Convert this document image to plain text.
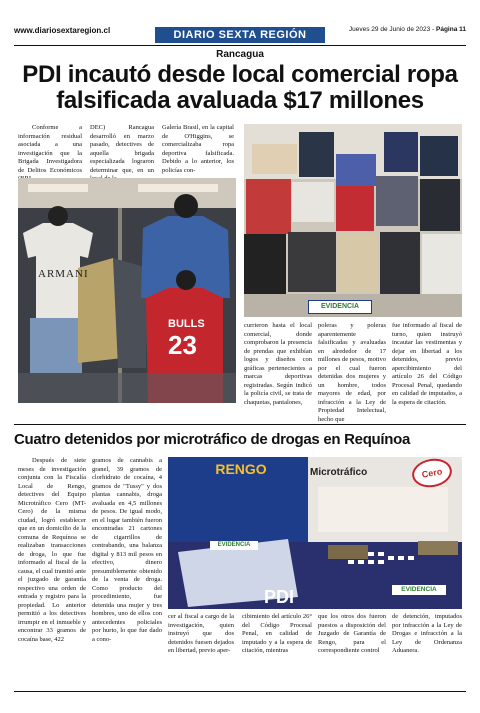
www.diariosextaregion.cl	DIARIO SEXTA REGIÓN	Jueves 29 de Junio de 2023 - Página 11
Rancagua
PDI incautó desde local comercial ropa falsificada avaluada $17 millones

Conforme a información residual asociada a una investigación que la Brigada Investigadora de Delitos Económicos

DEC) Rancagua desarrolló en marzo pasado, detectives de aquella brigada especializada lograron determinar que, en un

Galería Brasil, en la capital de O'Higgins, se comercializaba ropa deportiva falsificada. Debido a lo anterior, los policías con-

ARMANI
BULLS
23
EVIDENCIA

currieron hasta el local comercial, donde comprobaron la presencia de prendas que exhibían logos y diseños con gráficas pertenecientes a marcas deportivas registradas. Según indicó la policía civil, se trata de chaquetas, pantalones,

poleras y poleras aparentemente falsificadas y avaluadas en alrededor de 17 millones de pesos, motivo por el cual fueron detenidas dos mujeres y un hombre, todos mayores de edad, por infracción a la Ley de Propiedad Intelectual, hecho que

fue informado al fiscal de turno, quien instruyó incautar las vestimentas y dejar en libertad a los detenidos, previo apercibimiento del artículo 26 del Código Procesal Penal, quedando en calidad de imputados, a la espera de citación.

Cuatro detenidos por microtráfico de drogas en Requínoa

Después de siete meses de investigación conjunta con la Fiscalía Local de Rengo, detectives del Equipo Microtráfico Cero (MT-Cero) de la misma ciudad, logró establecer que en un domicilio de la comuna de Requínoa se realizaban transacciones de droga, lo que fue informado al fiscal de la causa, el cual tramitó ante el juzgado de garantía respectivo una orden de entrada y registro para la propiedad. Lo anterior permitió a los detectives irrumpir en el inmueble y encontrar 33 gramos de cocaína base, 422

gramos de cannabis a granel, 39 gramos de clorhidrato de cocaína, 4 gramos de "Tussy" y dos plantas cannabis, droga avaluada en 4,5 millones de pesos. De igual modo, en el lugar también fueron encontradas 21 cartones de cigarrillos de contrabando, una balanza digital y 813 mil pesos en efectivo, dinero presumiblemente obtenido de la venta de droga. Como producto del procedimiento, fue detenida una mujer y tres hombres, uno de ellos con antecedentes policiales por hurto, lo que fue dado a cono-

RENGO	Microtráfico	Cero
PDI
EVIDENCIA
EVIDENCIA

cer al fiscal a cargo de la investigación, quien instruyó que dos detenidos fuesen dejados en libertad, previo aper-

cibimiento del artículo 26° del Código Procesal Penal, en calidad de imputado y a la espera de citación, mientras

que los otros dos fueron puestos a disposición del Juzgado de Garantía de Rengo, para el correspondiente control

de detención, imputados por infracción a la Ley de Drogas e infracción a la Ley de Ordenanza Aduanera.
